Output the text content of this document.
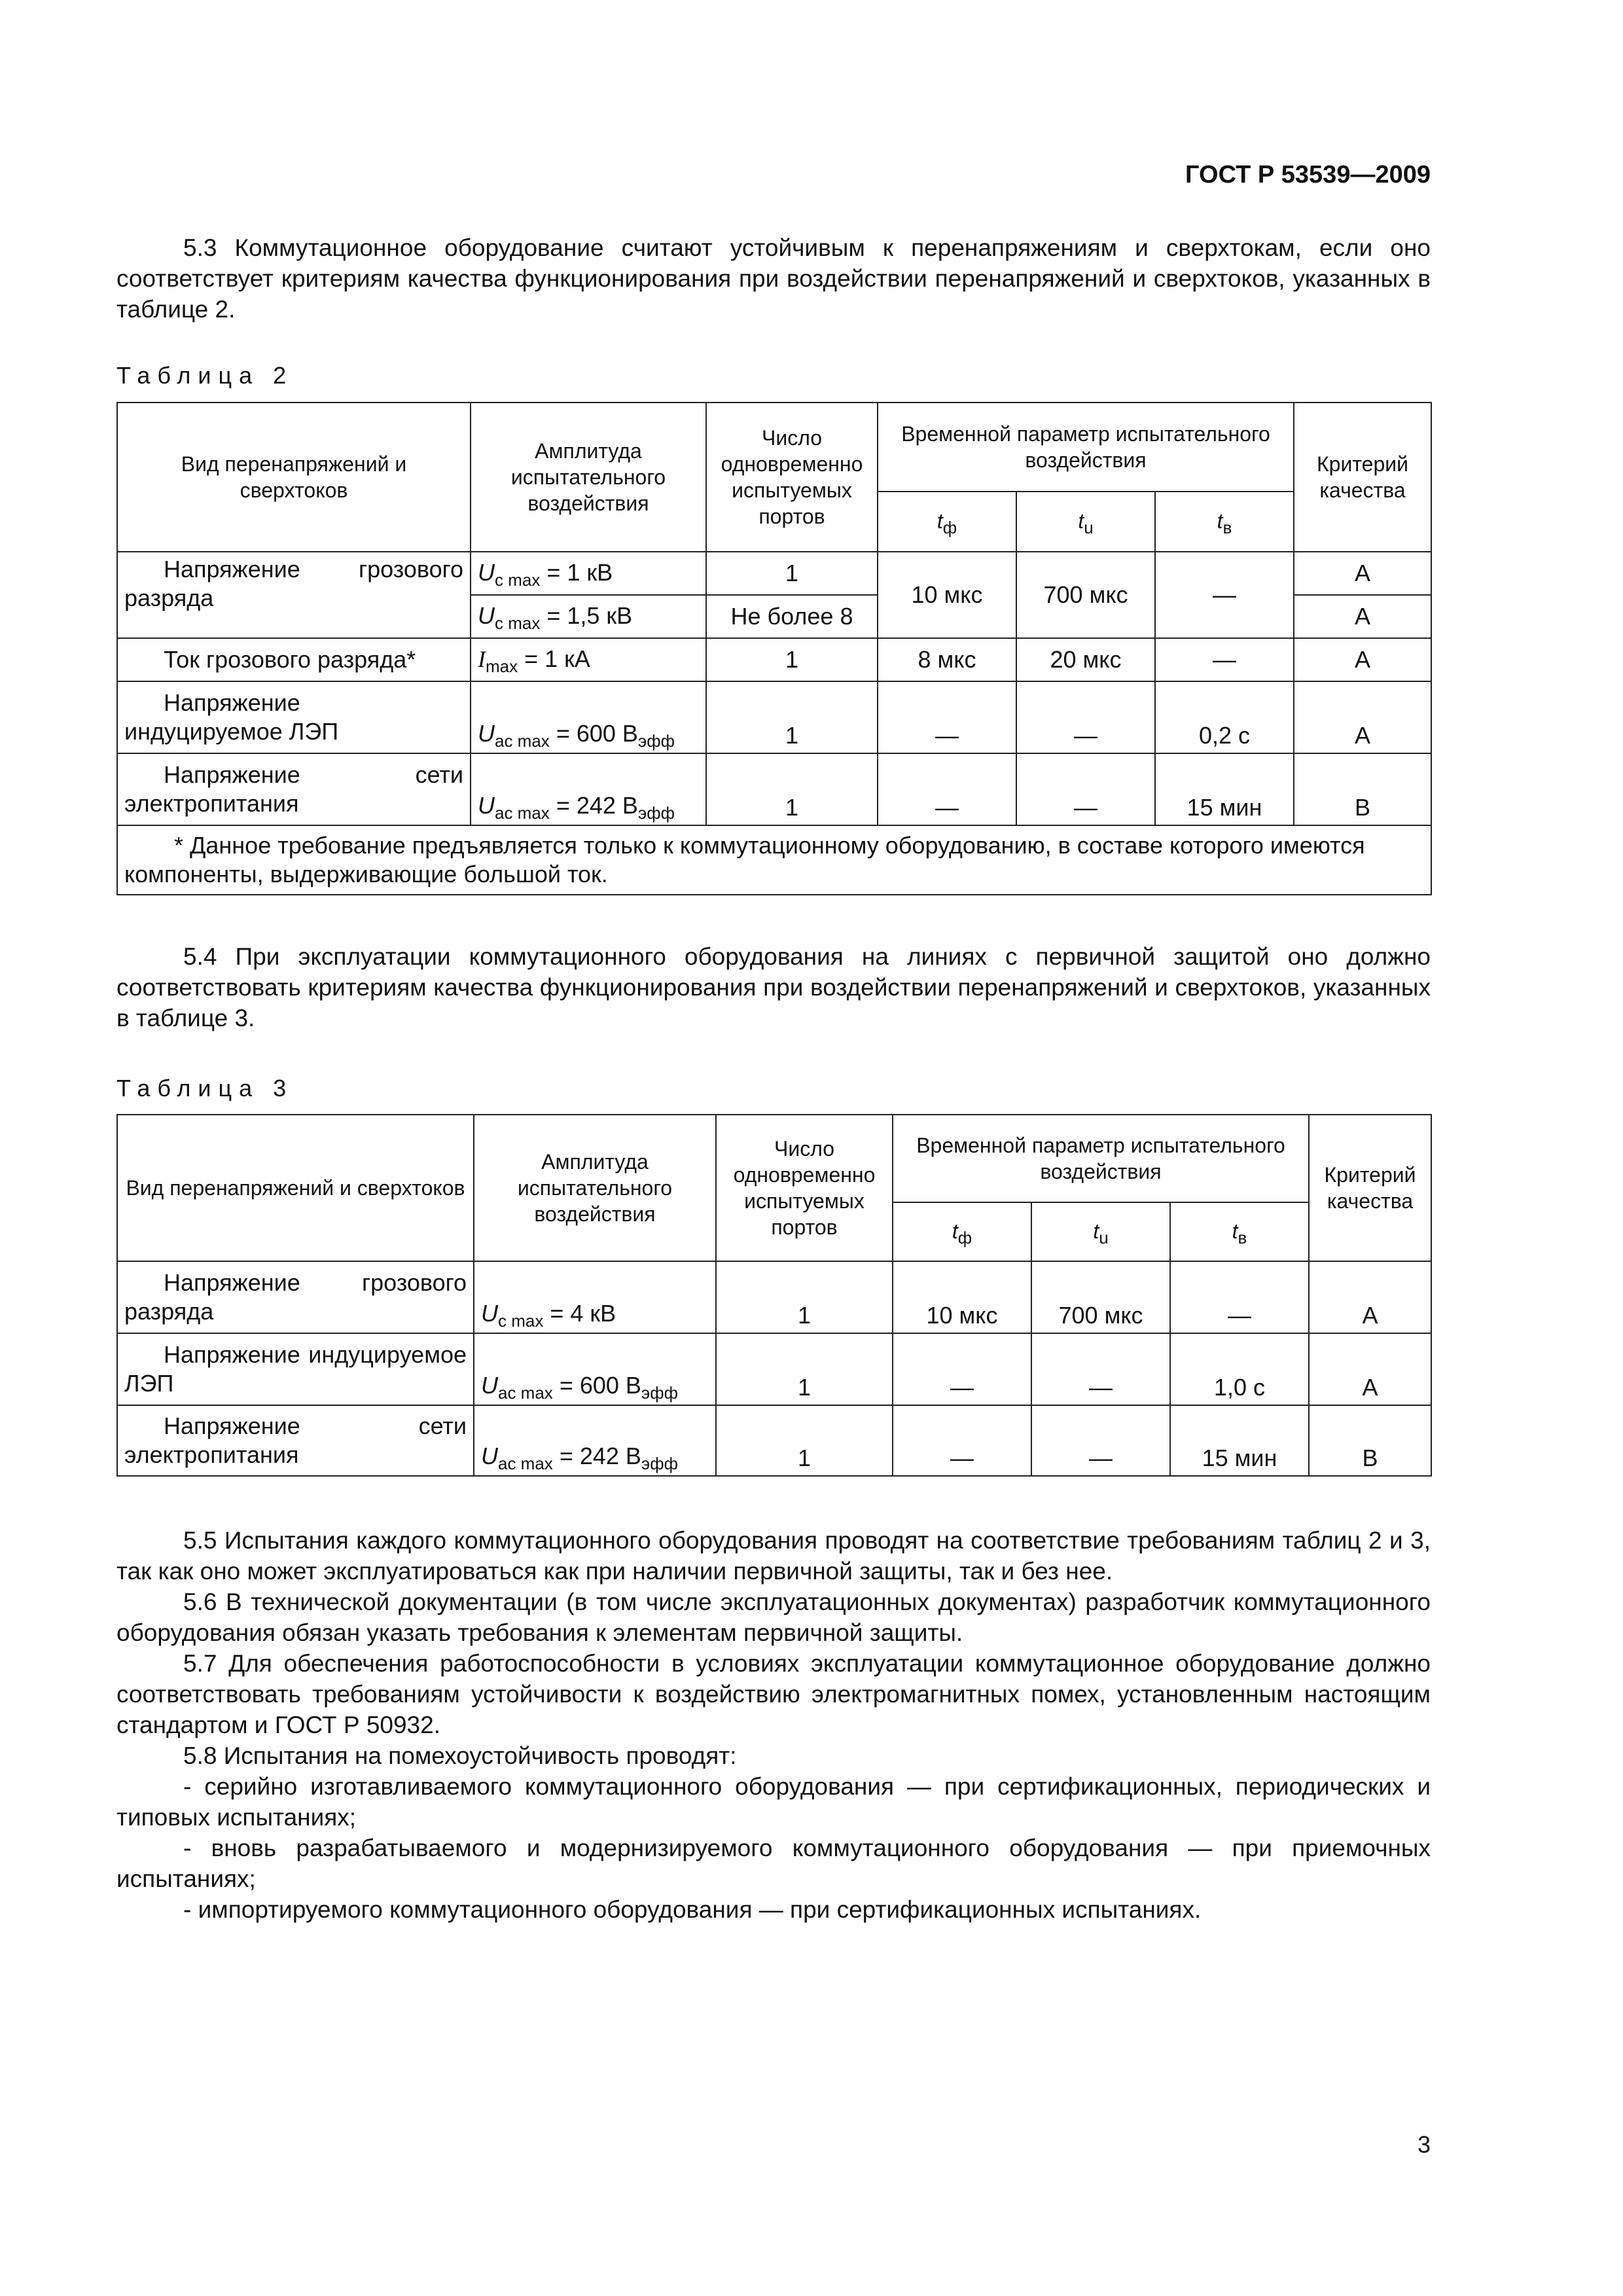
ГОСТ Р 53539—2009

5.3 Коммутационное оборудование считают устойчивым к перенапряжениям и сверхтокам, если оно соответствует критериям качества функционирования при воздействии перенапряжений и сверхтоков, указанных в таблице 2.

Таблица 2
Вид перенапряжений и сверхтоков	Амплитуда испытательного воздействия	Число одновременно испытуемых портов	Временной параметр испытательного воздействия			Критерий качества
			$t_ф$	$t_u$	$t_в$

Напряжение грозового разряда	$U_{c max} = 1$ кВ	1	10 мкс	700 мкс	—	А
	$U_{c max} = 1,5$ кВ	Не более 8				А

Ток грозового разряда*	$I_{max} = 1$ кА	1	8 мкс	20 мкс	—	А

Напряжение индуцируемое ЛЭП	$U_{ac max} = 600$ $В_{эфф}$	1	—	—	0,2 с	А

Напряжение сети электропитания	$U_{ac max} = 242$ $В_{эфф}$	1	—	—	15 мин	В
* Данное требование предъявляется только к коммутационному оборудованию, в составе которого имеются компоненты, выдерживающие большой ток.						

5.4 При эксплуатации коммутационного оборудования на линиях с первичной защитой оно должно соответствовать критериям качества функционирования при воздействии перенапряжений и сверхтоков, указанных в таблице 3.

Таблица 3
Вид перенапряжений и сверхтоков	Амплитуда испытательного воздействия	Число одновременно испытуемых портов	Временной параметр испытательного воздействия			Критерий качества
			$t_ф$	$t_u$	$t_в$

Напряжение грозового разряда	$U_{c max} = 4$ кВ	1	10 мкс	700 мкс	—	А

Напряжение индуцируемое ЛЭП	$U_{ac max} = 600$ $В_{эфф}$	1	—	—	1,0 с	А

Напряжение сети электропитания	$U_{ac max} = 242$ $В_{эфф}$	1	—	—	15 мин	В

5.5 Испытания каждого коммутационного оборудования проводят на соответствие требованиям таблиц 2 и 3, так как оно может эксплуатироваться как при наличии первичной защиты, так и без нее.

5.6 В технической документации (в том числе эксплуатационных документах) разработчик коммутационного оборудования обязан указать требования к элементам первичной защиты.

5.7 Для обеспечения работоспособности в условиях эксплуатации коммутационное оборудование должно соответствовать требованиям устойчивости к воздействию электромагнитных помех, установленным настоящим стандартом и ГОСТ Р 50932.

5.8 Испытания на помехоустойчивость проводят:

- серийно изготавливаемого коммутационного оборудования — при сертификационных, периодических и типовых испытаниях;

- вновь разрабатываемого и модернизируемого коммутационного оборудования — при приемочных испытаниях;

- импортируемого коммутационного оборудования — при сертификационных испытаниях.

3
